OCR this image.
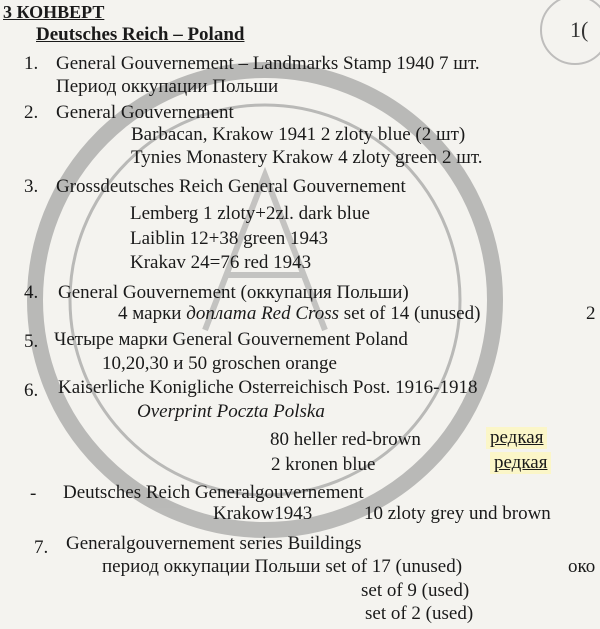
3 КОНВЕРТ
Deutsches Reich – Poland	1(
1. General Gouvernement – Landmarks Stamp 1940 7 шт.
Период оккупации Польши
2. General Gouvernement
Barbacan, Krakow 1941 2 zloty blue (2 шт)
Tynies Monastery Krakow 4 zloty green 2 шт.
3. Grossdeutsches Reich General Gouvernement
Lemberg 1 zloty+2zl. dark blue
Laiblin 12+38 green 1943
Krakav 24=76 red 1943
4. General Gouvernement (оккупация Польши)
4 марки доплата Red Cross set of 14 (unused)	2
5. Четыре марки General Gouvernement Poland
10,20,30 и 50 groschen orange
6. Kaiserliche Konigliche Osterreichisch Post. 1916-1918
Overprint Poczta Polska
80 heller red-brown	редкая
2 kronen blue	редкая
- Deutsches Reich Generalgouvernement
Krakow1943	10 zloty grey und brown
7. Generalgouvernement series Buildings
период оккупации Польши set of 17 (unused)	око
set of 9 (used)
set of 2 (used)
